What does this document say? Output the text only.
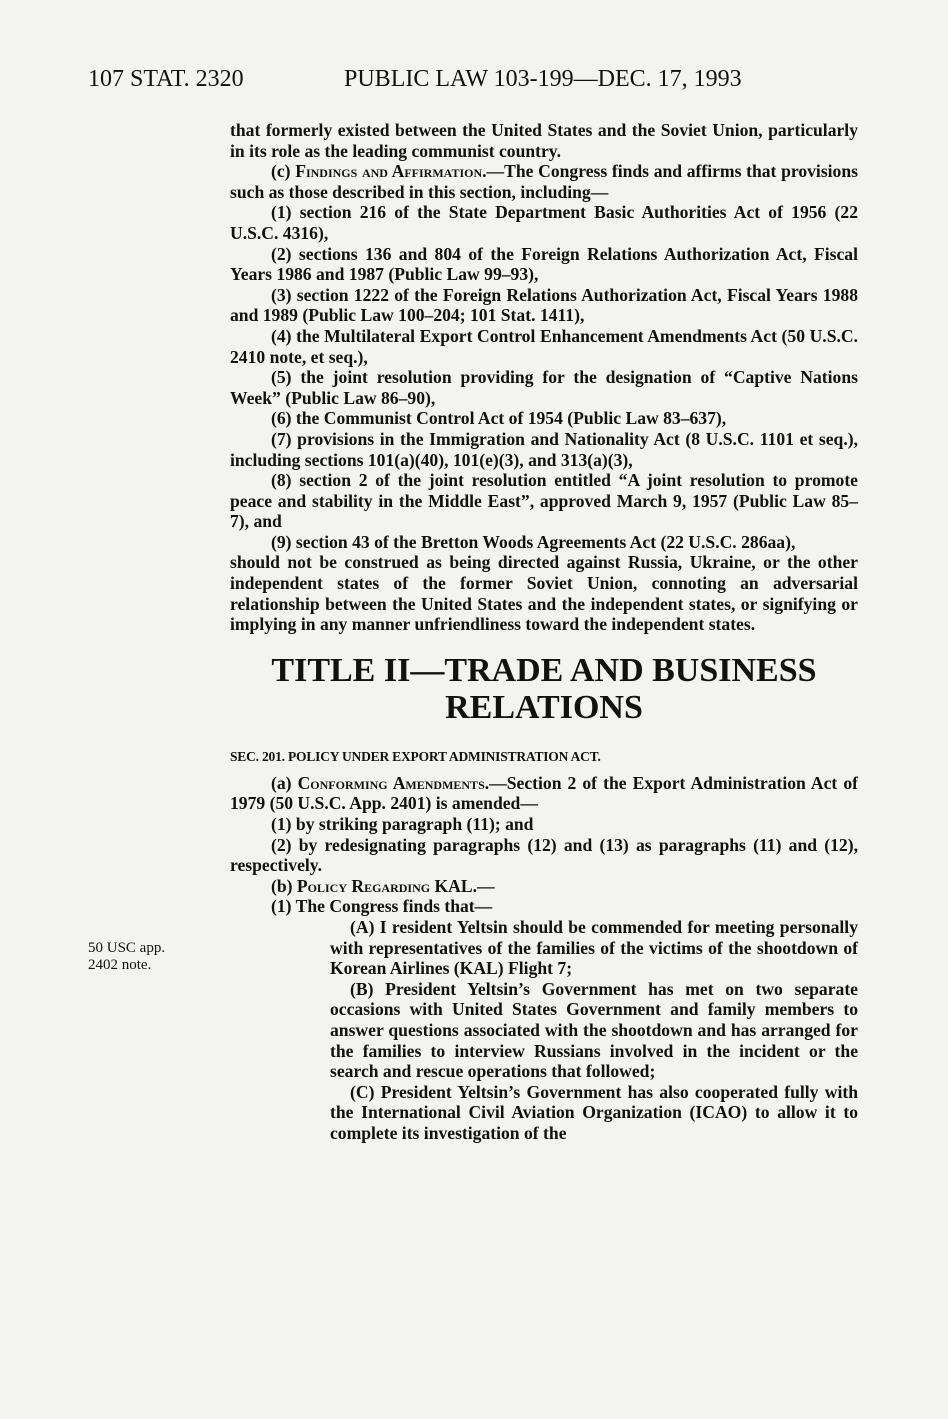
107 STAT. 2320	PUBLIC LAW 103-199—DEC. 17, 1993
50 USC app.
2402 note.

that formerly existed between the United States and the Soviet Union, particularly in its role as the leading communist country.

(c) Findings and Affirmation.—The Congress finds and affirms that provisions such as those described in this section, including—

(1) section 216 of the State Department Basic Authorities Act of 1956 (22 U.S.C. 4316),

(2) sections 136 and 804 of the Foreign Relations Authorization Act, Fiscal Years 1986 and 1987 (Public Law 99–93),

(3) section 1222 of the Foreign Relations Authorization Act, Fiscal Years 1988 and 1989 (Public Law 100–204; 101 Stat. 1411),

(4) the Multilateral Export Control Enhancement Amendments Act (50 U.S.C. 2410 note, et seq.),

(5) the joint resolution providing for the designation of “Captive Nations Week” (Public Law 86–90),

(6) the Communist Control Act of 1954 (Public Law 83–637),

(7) provisions in the Immigration and Nationality Act (8 U.S.C. 1101 et seq.), including sections 101(a)(40), 101(e)(3), and 313(a)(3),

(8) section 2 of the joint resolution entitled “A joint resolution to promote peace and stability in the Middle East”, approved March 9, 1957 (Public Law 85–7), and

(9) section 43 of the Bretton Woods Agreements Act (22 U.S.C. 286aa),

should not be construed as being directed against Russia, Ukraine, or the other independent states of the former Soviet Union, connoting an adversarial relationship between the United States and the independent states, or signifying or implying in any manner unfriendliness toward the independent states.

TITLE II—TRADE AND BUSINESS
RELATIONS
SEC. 201. POLICY UNDER EXPORT ADMINISTRATION ACT.

(a) Conforming Amendments.—Section 2 of the Export Administration Act of 1979 (50 U.S.C. App. 2401) is amended—

(1) by striking paragraph (11); and

(2) by redesignating paragraphs (12) and (13) as paragraphs (11) and (12), respectively.

(b) Policy Regarding KAL.—

(1) The Congress finds that—

(A) I resident Yeltsin should be commended for meeting personally with representatives of the families of the victims of the shootdown of Korean Airlines (KAL) Flight 7;

(B) President Yeltsin’s Government has met on two separate occasions with United States Government and family members to answer questions associated with the shootdown and has arranged for the families to interview Russians involved in the incident or the search and rescue operations that followed;

(C) President Yeltsin’s Government has also cooperated fully with the International Civil Aviation Organization (ICAO) to allow it to complete its investigation of the
